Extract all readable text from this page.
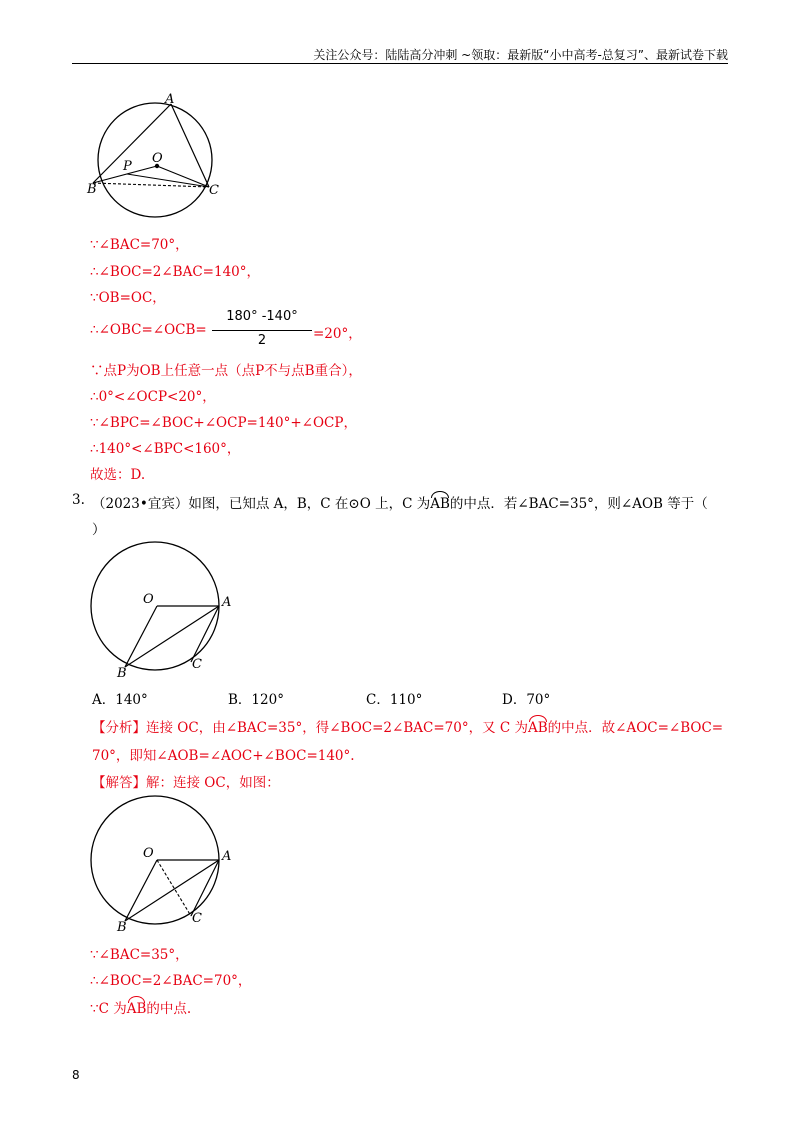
关注公众号：陆陆高分冲刺 ~领取：最新版“小中高考-总复习”、最新试卷下载
A
O
P
B	C
∵∠BAC=70°，
∴∠BOC=2∠BAC=140°，
∵OB=OC，
∴∠OBC=∠OCB=
180° -140°
2	=20°，
∵点P为OB上任意一点（点P不与点B重合），
∴0°<∠OCP<20°，
∵∠BPC=∠BOC+∠OCP=140°+∠OCP，
∴140°<∠BPC<160°，
故选：D.
3. （2023•宜宾）如图，已知点 A，B，C 在⊙O 上，C 为AB的中点．若∠BAC=35°，则∠AOB 等于（
）
O	A
B
C
A．140°	B．120°	C．110°	D．70°
【分析】连接 OC，由∠BAC=35°，得∠BOC=2∠BAC=70°，又 C 为AB的中点．故∠AOC=∠BOC=
70°，即知∠AOB=∠AOC+∠BOC=140°.
【解答】解：连接 OC，如图：
O	A
B
C
∵∠BAC=35°，
∴∠BOC=2∠BAC=70°，
∵C 为AB的中点.
8
